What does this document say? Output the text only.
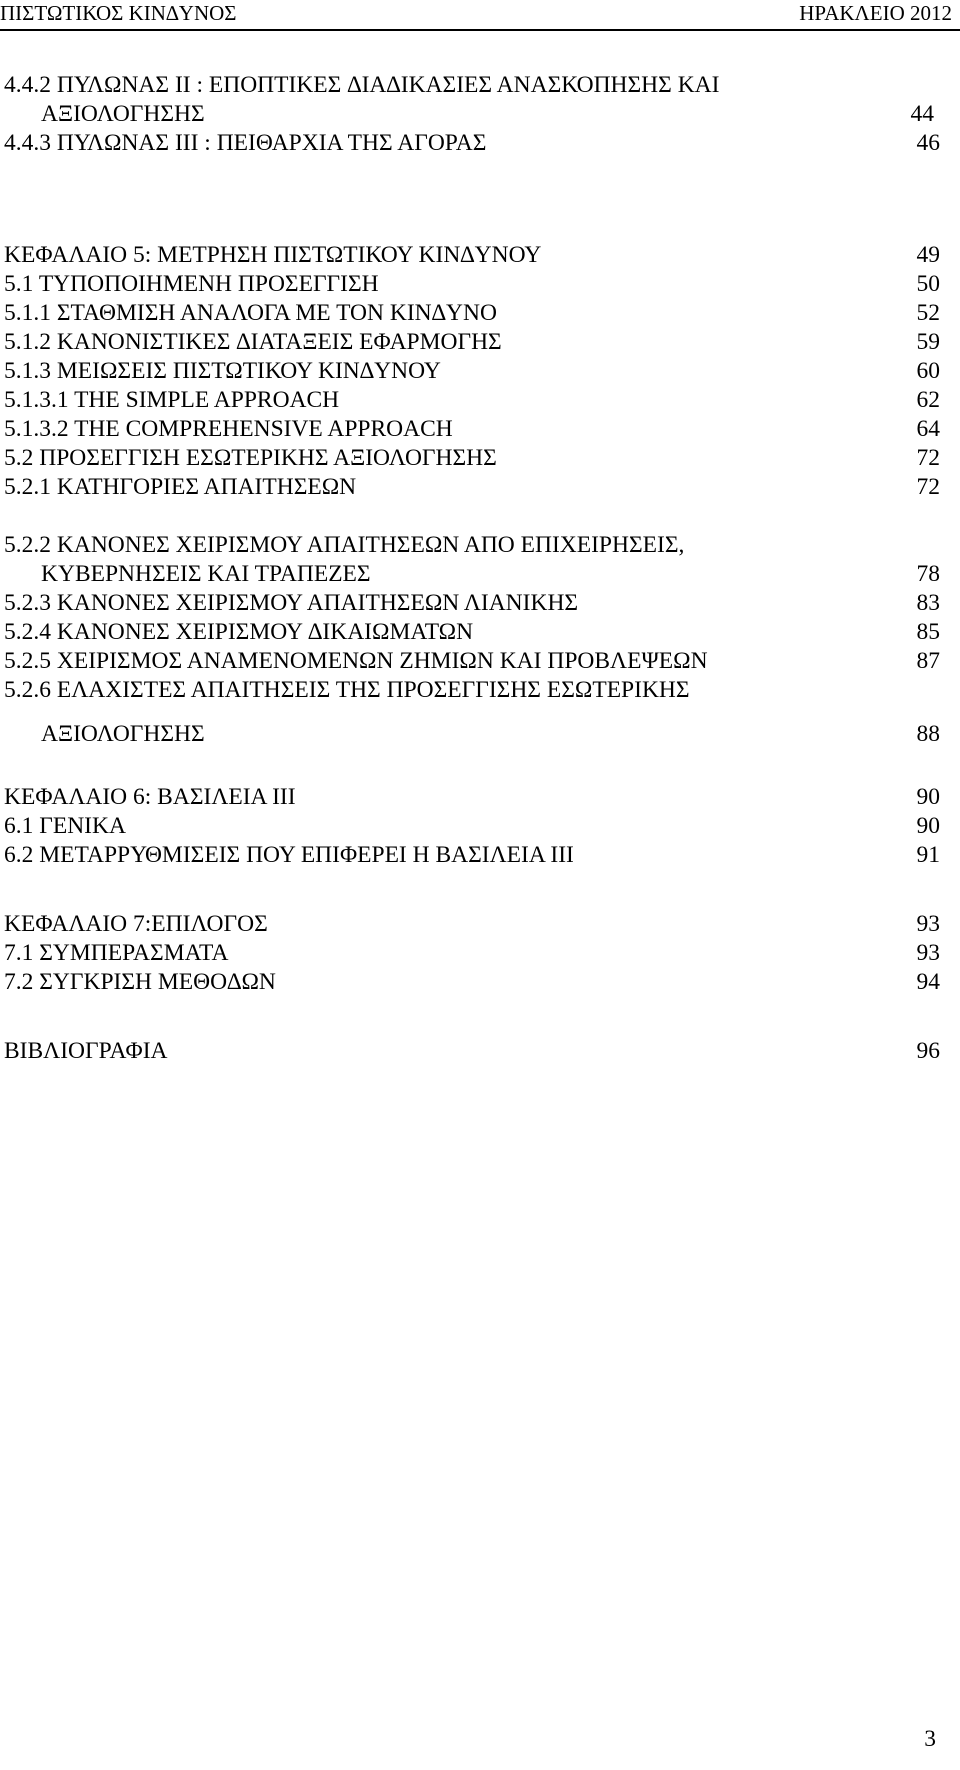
ΠΙΣΤΩΤΙΚΟΣ ΚΙΝ∆ΥΝΟΣ	ΗΡΑΚΛΕΙΟ 2012
4.4.2 ΠΥΛΩΝΑΣ ΙΙ : ΕΠΟΠΤΙΚΕΣ ∆ΙΑ∆ΙΚΑΣΙΕΣ ΑΝΑΣΚΟΠΗΣΗΣ ΚΑΙ
ΑΞΙΟΛΟΓΗΣΗΣ	44
4.4.3 ΠΥΛΩΝΑΣ ΙΙΙ : ΠΕΙΘΑΡΧΙΑ ΤΗΣ ΑΓΟΡΑΣ	46
ΚΕΦΑΛΑΙΟ 5: ΜΕΤΡΗΣΗ ΠΙΣΤΩΤΙΚΟΥ ΚΙΝ∆ΥΝΟΥ	49
5.1 ΤΥΠΟΠΟΙΗΜΕΝΗ ΠΡΟΣΕΓΓΙΣΗ	50
5.1.1 ΣΤΑΘΜΙΣΗ ΑΝΑΛΟΓΑ ΜΕ ΤΟΝ ΚΙΝ∆ΥΝΟ	52
5.1.2 ΚΑΝΟΝΙΣΤΙΚΕΣ ∆ΙΑΤΑΞΕΙΣ ΕΦΑΡΜΟΓΗΣ	59
5.1.3 ΜΕΙΩΣΕΙΣ ΠΙΣΤΩΤΙΚΟΥ ΚΙΝ∆ΥΝΟΥ	60
5.1.3.1 THE SIMPLE APPROACH	62
5.1.3.2 THE COMPREHENSIVE APPROACH	64
5.2 ΠΡΟΣΕΓΓΙΣΗ ΕΣΩΤΕΡΙΚΗΣ ΑΞΙΟΛΟΓΗΣΗΣ	72
5.2.1 ΚΑΤΗΓΟΡΙΕΣ ΑΠΑΙΤΗΣΕΩΝ	72
5.2.2 ΚΑΝΟΝΕΣ ΧΕΙΡΙΣΜΟΥ ΑΠΑΙΤΗΣΕΩΝ ΑΠΟ ΕΠΙΧΕΙΡΗΣΕΙΣ,
ΚΥΒΕΡΝΗΣΕΙΣ ΚΑΙ ΤΡΑΠΕΖΕΣ	78
5.2.3 ΚΑΝΟΝΕΣ ΧΕΙΡΙΣΜΟΥ ΑΠΑΙΤΗΣΕΩΝ ΛΙΑΝΙΚΗΣ	83
5.2.4 ΚΑΝΟΝΕΣ ΧΕΙΡΙΣΜΟΥ ∆ΙΚΑΙΩΜΑΤΩΝ	85
5.2.5 ΧΕΙΡΙΣΜΟΣ ΑΝΑΜΕΝΟΜΕΝΩΝ ΖΗΜΙΩΝ ΚΑΙ ΠΡΟΒΛΕΨΕΩΝ	87
5.2.6 ΕΛΑΧΙΣΤΕΣ ΑΠΑΙΤΗΣΕΙΣ ΤΗΣ ΠΡΟΣΕΓΓΙΣΗΣ ΕΣΩΤΕΡΙΚΗΣ
ΑΞΙΟΛΟΓΗΣΗΣ	88
ΚΕΦΑΛΑΙΟ 6: ΒΑΣΙΛΕΙΑ ΙΙΙ	90
6.1 ΓΕΝΙΚΑ	90
6.2 ΜΕΤΑΡΡΥΘΜΙΣΕΙΣ ΠΟΥ ΕΠΙΦΕΡΕΙ Η ΒΑΣΙΛΕΙΑ ΙΙΙ	91
ΚΕΦΑΛΑΙΟ 7:ΕΠΙΛΟΓΟΣ	93
7.1 ΣΥΜΠΕΡΑΣΜΑΤΑ	93
7.2 ΣΥΓΚΡΙΣΗ ΜΕΘΟ∆ΩΝ	94
ΒΙΒΛΙΟΓΡΑΦΙΑ	96
3
